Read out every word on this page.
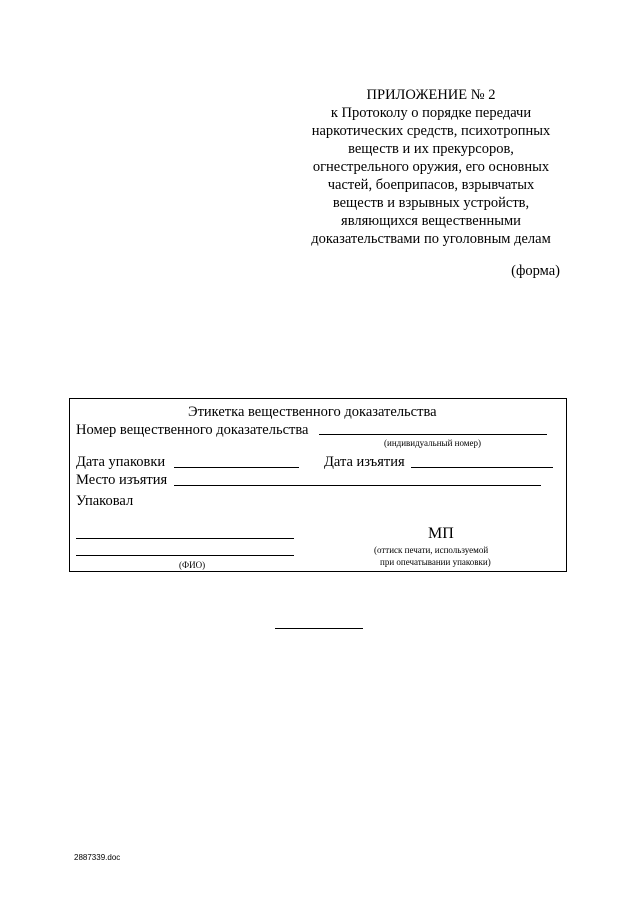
ПРИЛОЖЕНИЕ № 2
к Протоколу о порядке передачи
наркотических средств, психотропных
веществ и их прекурсоров,
огнестрельного оружия, его основных
частей, боеприпасов, взрывчатых
веществ и взрывных устройств,
являющихся вещественными
доказательствами по уголовным делам
(форма)
Этикетка вещественного доказательства
Номер вещественного доказательства
(индивидуальный номер)
Дата упаковки	Дата изъятия
Место изъятия
Упаковал
(ФИО)
МП
(оттиск печати, используемой
при опечатывании упаковки)
2887339.doc
